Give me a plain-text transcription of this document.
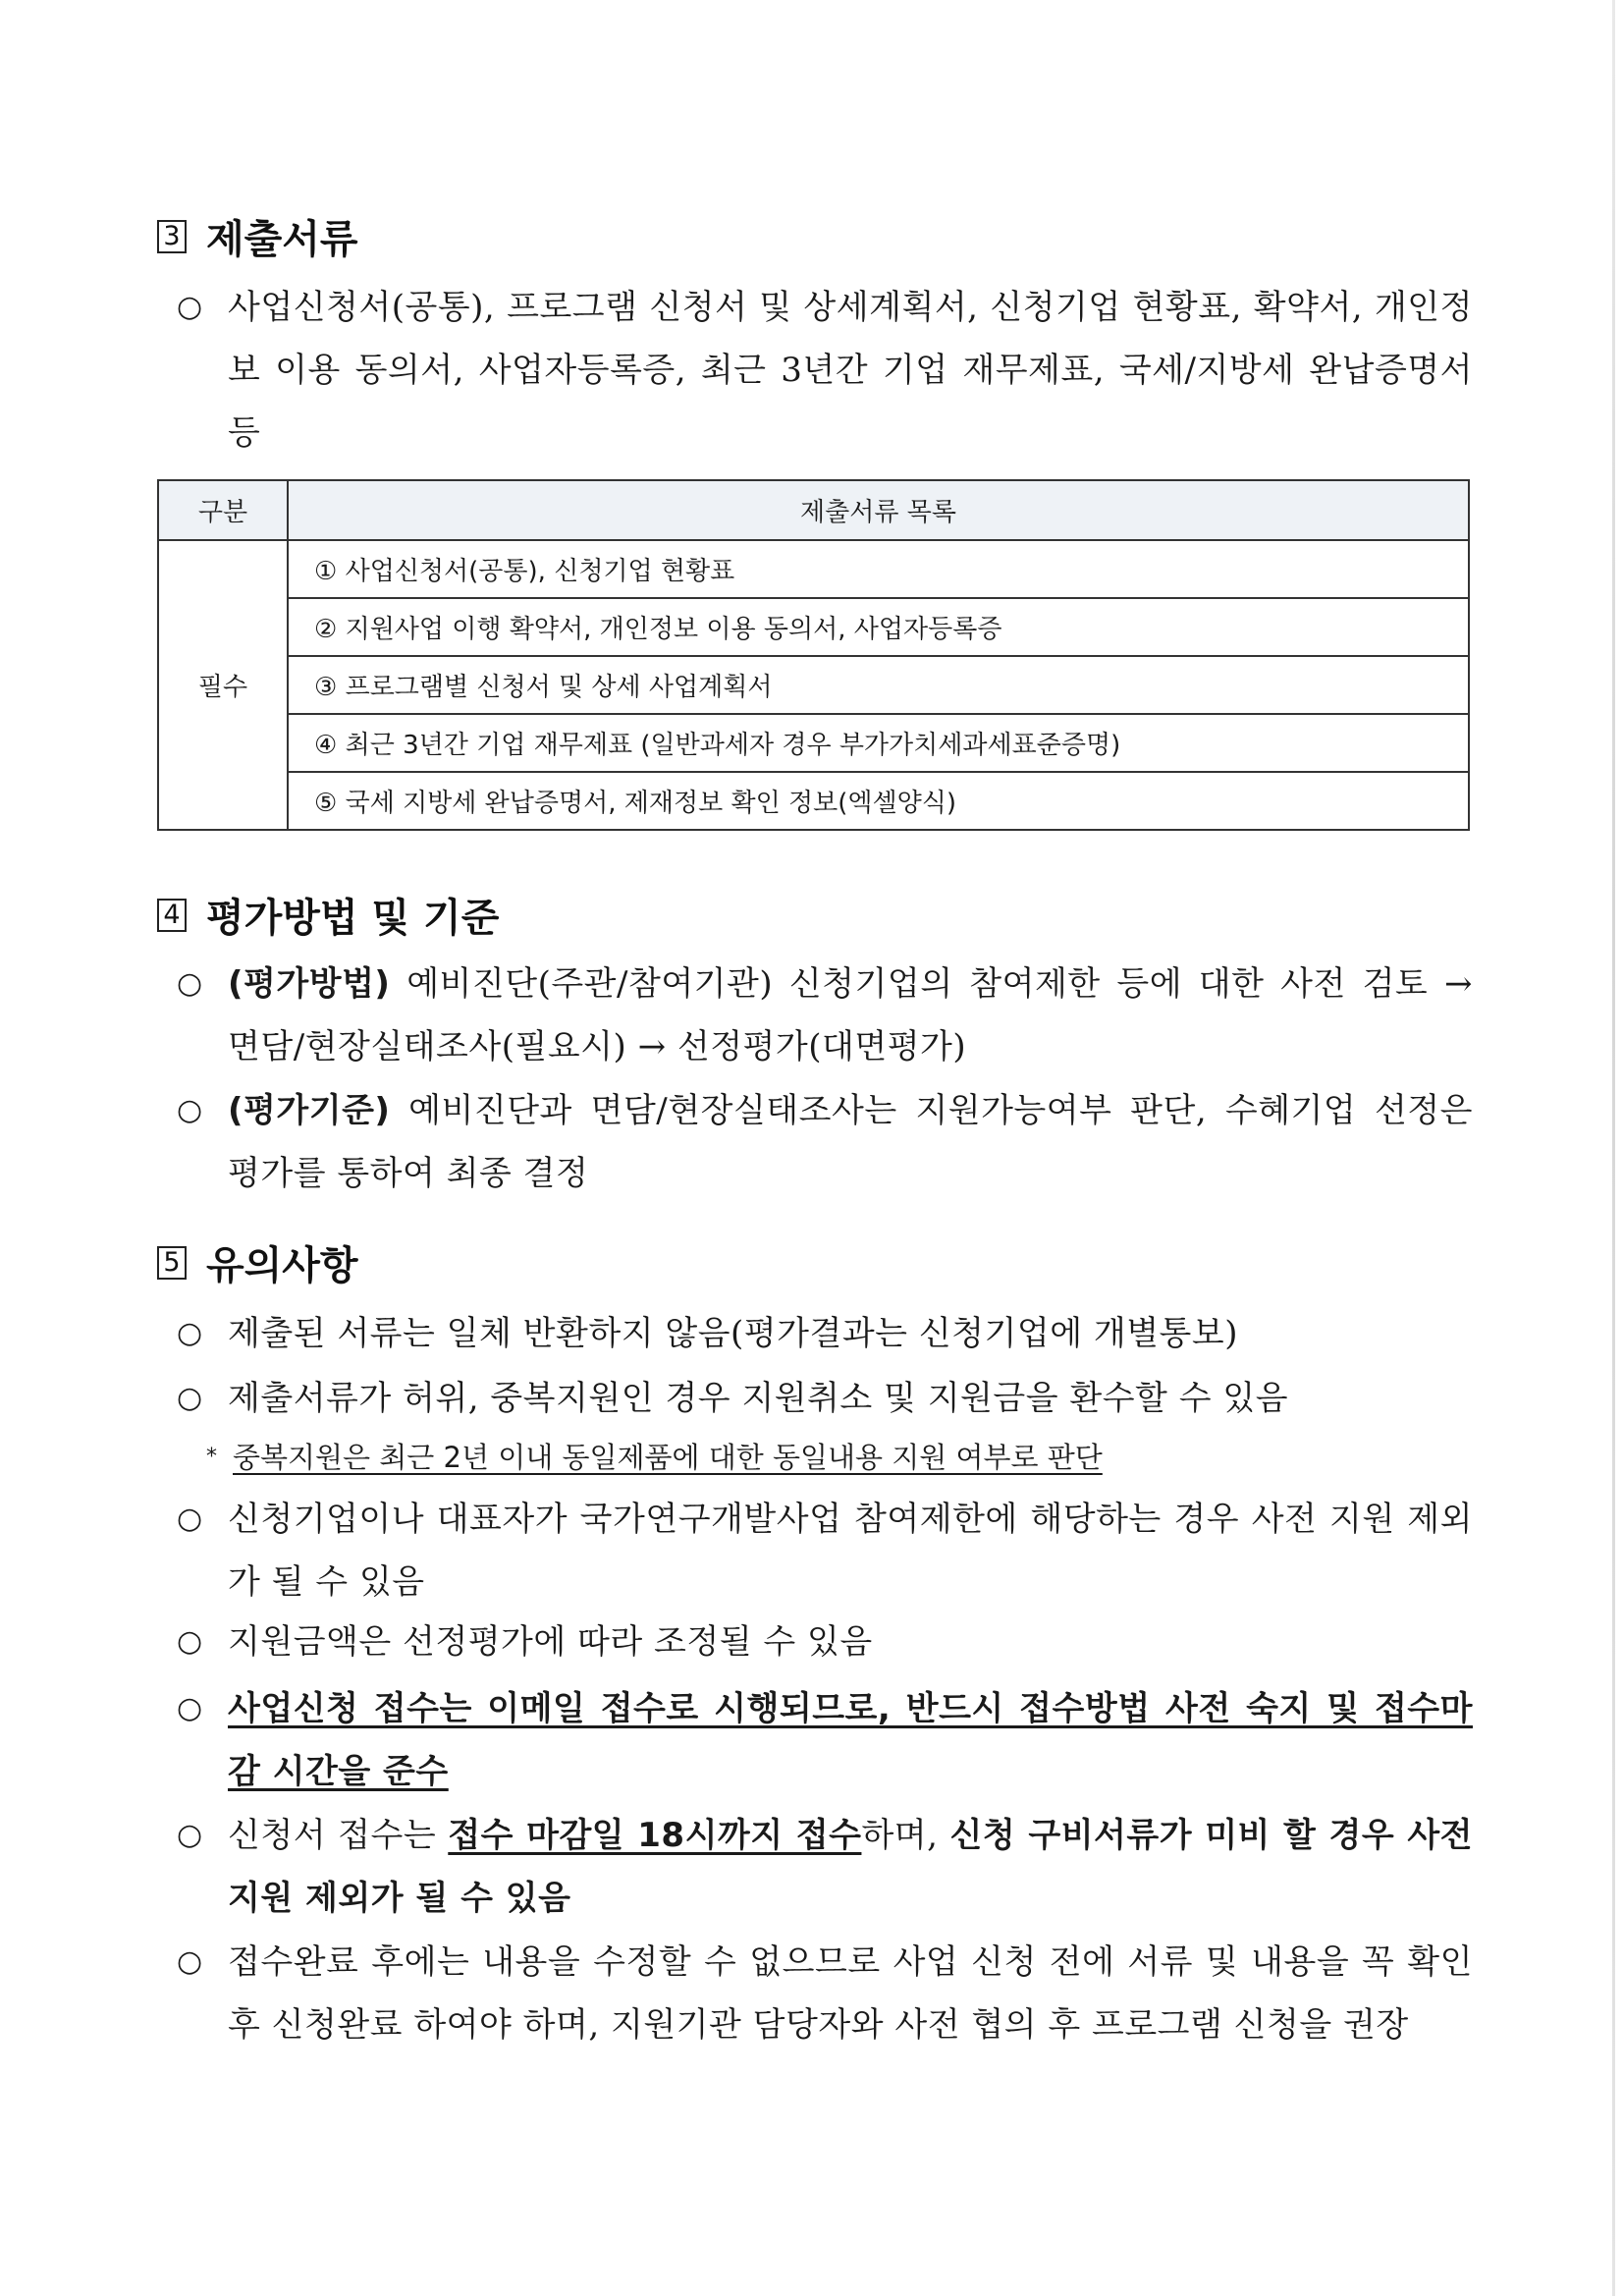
3 제출서류
○ 사업신청서(공통), 프로그램 신청서 및 상세계획서, 신청기업 현황표, 확약서, 개인정보 이용 동의서, 사업자등록증, 최근 3년간 기업 재무제표, 국세/지방세 완납증명서 등
구분	제출서류 목록
필수	① 사업신청서(공통), 신청기업 현황표
	② 지원사업 이행 확약서, 개인정보 이용 동의서, 사업자등록증
	③ 프로그램별 신청서 및 상세 사업계획서
	④ 최근 3년간 기업 재무제표 (일반과세자 경우 부가가치세과세표준증명)
	⑤ 국세 지방세 완납증명서, 제재정보 확인 정보(엑셀양식)
4 평가방법 및 기준
○ (평가방법) 예비진단(주관/참여기관) 신청기업의 참여제한 등에 대한 사전 검토 → 면담/현장실태조사(필요시) → 선정평가(대면평가)
○ (평가기준) 예비진단과 면담/현장실태조사는 지원가능여부 판단, 수혜기업 선정은 평가를 통하여 최종 결정
5 유의사항
○ 제출된 서류는 일체 반환하지 않음(평가결과는 신청기업에 개별통보)
○ 제출서류가 허위, 중복지원인 경우 지원취소 및 지원금을 환수할 수 있음
* 중복지원은 최근 2년 이내 동일제품에 대한 동일내용 지원 여부로 판단
○ 신청기업이나 대표자가 국가연구개발사업 참여제한에 해당하는 경우 사전 지원 제외가 될 수 있음
○ 지원금액은 선정평가에 따라 조정될 수 있음
○ 사업신청 접수는 이메일 접수로 시행되므로, 반드시 접수방법 사전 숙지 및 접수마감 시간을 준수
○ 신청서 접수는 접수 마감일 18시까지 접수하며, 신청 구비서류가 미비 할 경우 사전 지원 제외가 될 수 있음
○ 접수완료 후에는 내용을 수정할 수 없으므로 사업 신청 전에 서류 및 내용을 꼭 확인 후 신청완료 하여야 하며, 지원기관 담당자와 사전 협의 후 프로그램 신청을 권장
